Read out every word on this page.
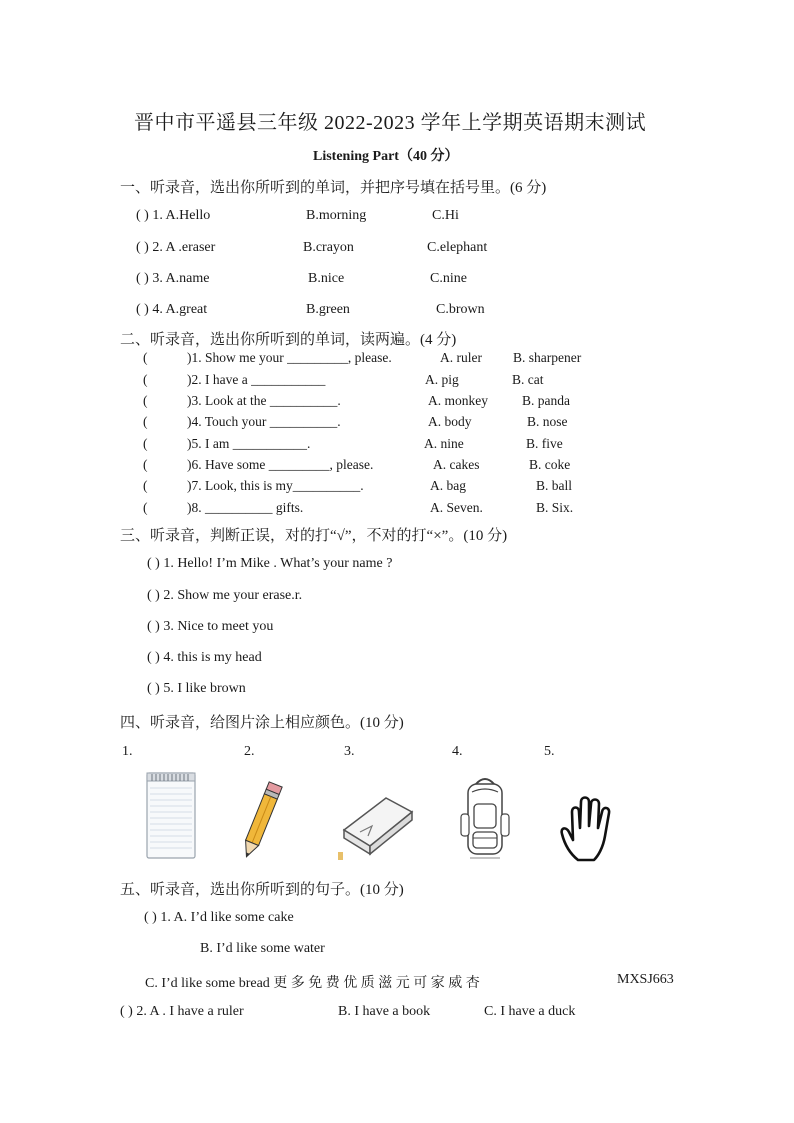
晋中市平遥县三年级 2022-2023 学年上学期英语期末测试
Listening Part（40 分）
一、听录音，选出你所听到的单词，并把序号填在括号里。(6 分)
( ) 1. A.Hello	B.morning	C.Hi
( ) 2. A .eraser	B.crayon	C.elephant
( ) 3. A.name	B.nice	C.nine
( ) 4. A.great	B.green	C.brown
二、听录音，选出你所听到的单词，读两遍。(4 分)
(	)1. Show me your _________, please.	A. ruler B. sharpener
(	)2. I have a ___________	A. pig	B. cat
(	)3. Look at the __________.	A. monkey	B. panda
(	)4. Touch your __________.	A. body	B. nose
(	)5. I am ___________.	A. nine	B. five
(	)6. Have some _________, please.	A. cakes	B. coke
(	)7. Look, this is my__________.	A. bag	B. ball
(	)8. __________ gifts.	A. Seven.	B. Six.
三、听录音，判断正误，对的打“√”，不对的打“×”。(10 分)
( ) 1. Hello! I’m Mike . What’s your name ?
( ) 2. Show me your erase.r.
( ) 3. Nice to meet you
( ) 4. this is my head
( ) 5. I like brown
四、听录音，给图片涂上相应颜色。(10 分)
1.	2.	3.	4.	5.
五、听录音，选出你所听到的句子。(10 分)
( ) 1. A. I’d like some cake
B. I’d like some water
C. I’d like some bread 更 多 免 费 优 质 滋 元 可 家 威 杏	MXSJ663
( ) 2. A . I have a ruler	B. I have a book	C. I have a duck
